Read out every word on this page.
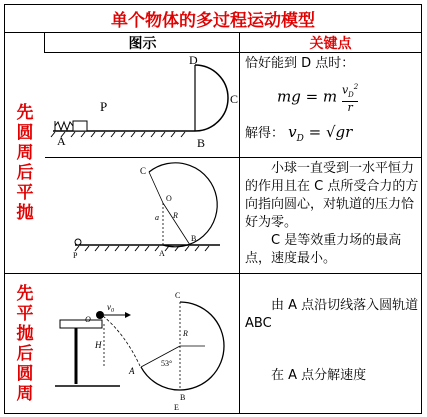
单个物体的多过程运动模型
图示	关键点
先
圆
周
后
平
抛
先
平
抛
后
圆
周
A
P
B
C
D	恰好能到 D 点时：
mg = m $\frac{v_D^2}{r}$
解得： $v_D = √gr$
C
O
R
a
A
B
P
小球一直受到一水平恒力的作用且在 C 点所受合力的方向指向圆心，对轨道的压力恰好为零。
C 是等效重力场的最高点，速度最小。
O
$v_0$
H
A
C
R
53°
B
E
由 A 点沿切线落入圆轨道 ABC
在 A 点分解速度
